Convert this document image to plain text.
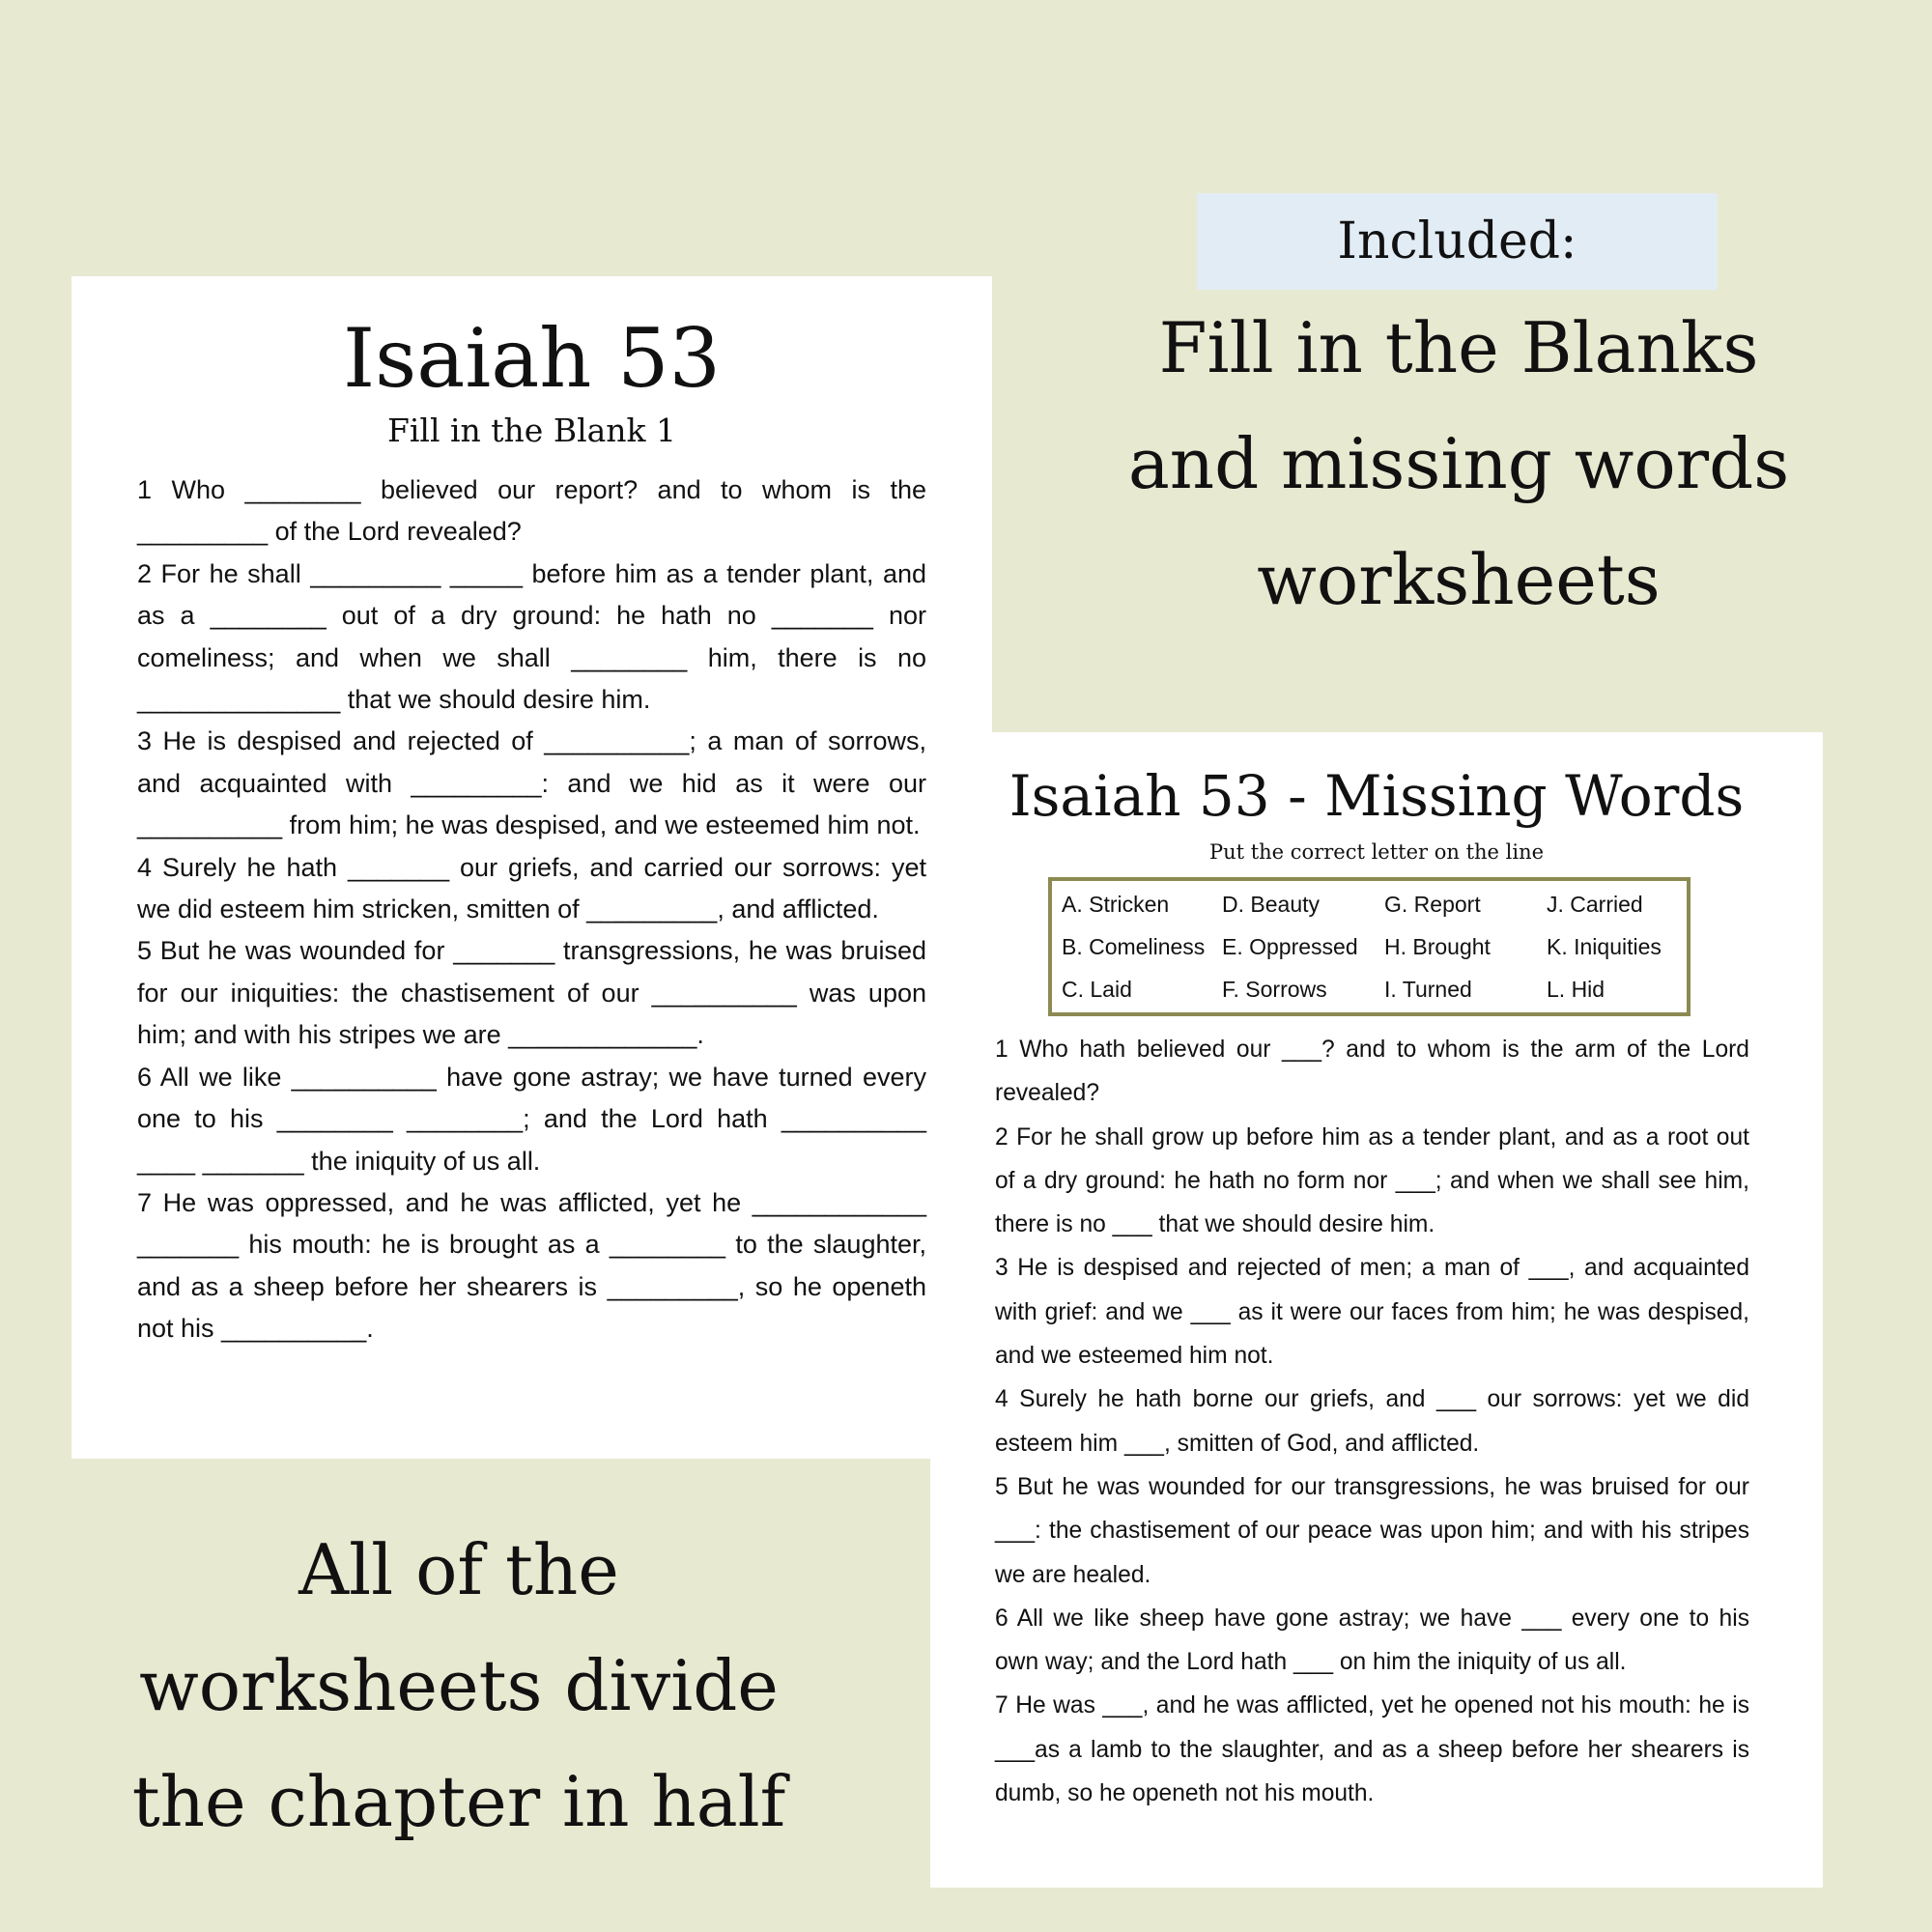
Included:
Fill in the Blanks
and missing words
worksheets
Isaiah 53
Fill in the Blank 1

1 Who ________ believed our report? and to whom is the _________ of the Lord revealed?

2 For he shall _________ _____ before him as a tender plant, and as a ________ out of a dry ground: he hath no _______ nor comeliness; and when we shall ________ him, there is no ______________ that we should desire him.

3 He is despised and rejected of __________; a man of sorrows, and acquainted with _________: and we hid as it were our __________ from him; he was despised, and we esteemed him not.

4 Surely he hath _______ our griefs, and carried our sorrows: yet we did esteem him stricken, smitten of _________, and afflicted.

5 But he was wounded for _______ transgressions, he was bruised for our iniquities: the chastisement of our __________ was upon him; and with his stripes we are _____________.

6 All we like __________ have gone astray; we have turned every one to his ________ ________; and the Lord hath __________ ____ _______ the iniquity of us all.

7 He was oppressed, and he was afflicted, yet he ____________ _______ his mouth: he is brought as a ________ to the slaughter, and as a sheep before her shearers is _________, so he openeth not his __________.

Isaiah 53 - Missing Words
Put the correct letter on the line
A. Stricken	D. Beauty	G. Report	J. Carried
B. Comeliness E. Oppressed	H. Brought	K. Iniquities
C. Laid	F. Sorrows	I. Turned	L. Hid

1 Who hath believed our ___? and to whom is the arm of the Lord revealed?

2 For he shall grow up before him as a tender plant, and as a root out of a dry ground: he hath no form nor ___; and when we shall see him, there is no ___ that we should desire him.

3 He is despised and rejected of men; a man of ___, and acquainted with grief: and we ___ as it were our faces from him; he was despised, and we esteemed him not.

4 Surely he hath borne our griefs, and ___ our sorrows: yet we did esteem him ___, smitten of God, and afflicted.

5 But he was wounded for our transgressions, he was bruised for our ___: the chastisement of our peace was upon him; and with his stripes we are healed.

6 All we like sheep have gone astray; we have ___ every one to his own way; and the Lord hath ___ on him the iniquity of us all.

7 He was ___, and he was afflicted, yet he opened not his mouth: he is ___as a lamb to the slaughter, and as a sheep before her shearers is dumb, so he openeth not his mouth.

All of the
worksheets divide
the chapter in half
